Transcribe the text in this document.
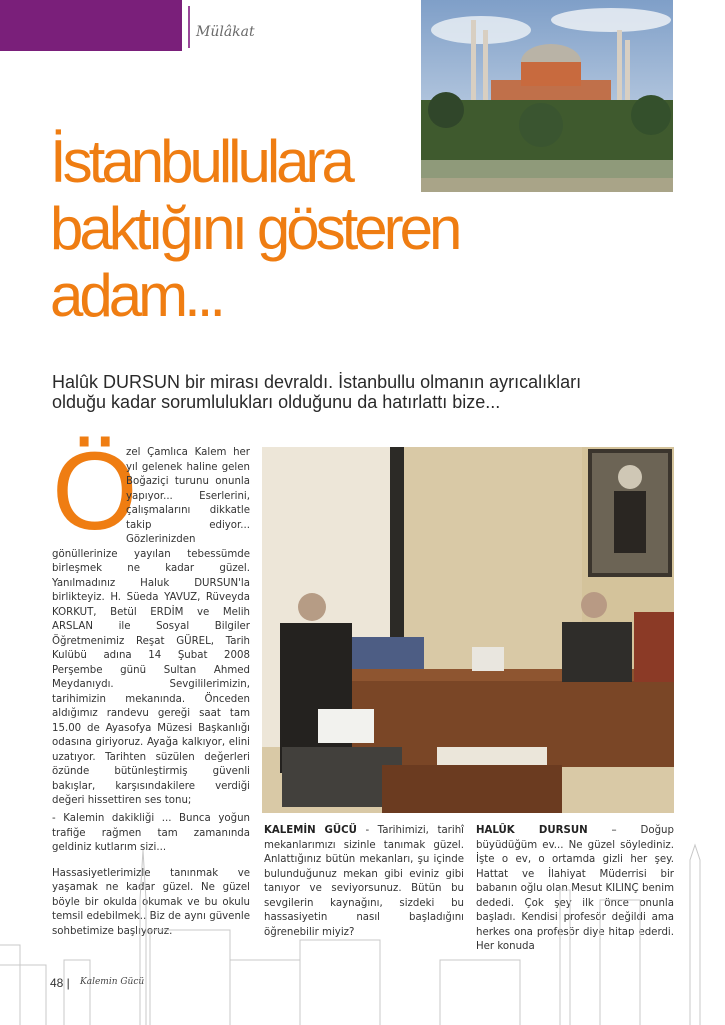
Mülâkat
İstanbullulara
baktığını gösteren
adam...
Halûk DURSUN bir mirası devraldı. İstanbullu olmanın ayrıcalıkları
olduğu kadar sorumlulukları olduğunu da hatırlattı bize...
Ö
zel Çamlıca Kalem her yıl gelenek haline gelen Boğaziçi turunu onunla yapıyor... Eserlerini, çalışmalarını dikkatle takip ediyor... Gözlerinizden gönüllerinize yayılan tebessümde birleşmek ne kadar güzel. Yanılmadınız Haluk DURSUN'la birlikteyiz. H. Süeda YAVUZ, Rüveyda KORKUT, Betül ERDİM ve Melih ARSLAN ile Sosyal Bilgiler Öğretmenimiz Reşat GÜREL, Tarih Kulübü adına 14 Şubat 2008 Perşembe günü Sultan Ahmed Meydanıydı. Sevgililerimizin, tarihimizin mekanında. Önceden aldığımız randevu gereği saat tam 15.00 de Ayasofya Müzesi Başkanlığı odasına giriyoruz. Ayağa kalkıyor, elini uzatıyor. Tarihten süzülen değerleri özünde bütünleştirmiş güvenli bakışlar, karşısındakilere verdiği değeri hissettiren ses tonu;

- Kalemin dakikliği ... Bunca yoğun trafiğe rağmen tam zamanında geldiniz kutlarım sizi...

Hassasiyetlerimizle tanınmak ve yaşamak ne kadar güzel. Ne güzel böyle bir okulda okumak ve bu okulu temsil edebilmek.. Biz de aynı güvenle sohbetimize başlıyoruz.

KALEMİN GÜCÜ - Tarihimizi, tarihî mekanlarımızı sizinle tanımak güzel. Anlattığınız bütün mekanları, şu içinde bulunduğunuz mekan gibi eviniz gibi tanıyor ve seviyorsunuz. Bütün bu sevgilerin kaynağını, sizdeki bu hassasiyetin nasıl başladığını öğrenebilir miyiz?

HALÛK DURSUN – Doğup büyüdüğüm ev... Ne güzel söylediniz. İşte o ev, o ortamda gizli her şey. Hattat ve İlahiyat Müderrisi bir babanın oğlu olan Mesut KILINÇ benim dededi. Çok şey ilk önce onunla başladı. Kendisi profesör değildi ama herkes ona profesör diye hitap ederdi. Her konuda

48 | Kalemin Gücü
